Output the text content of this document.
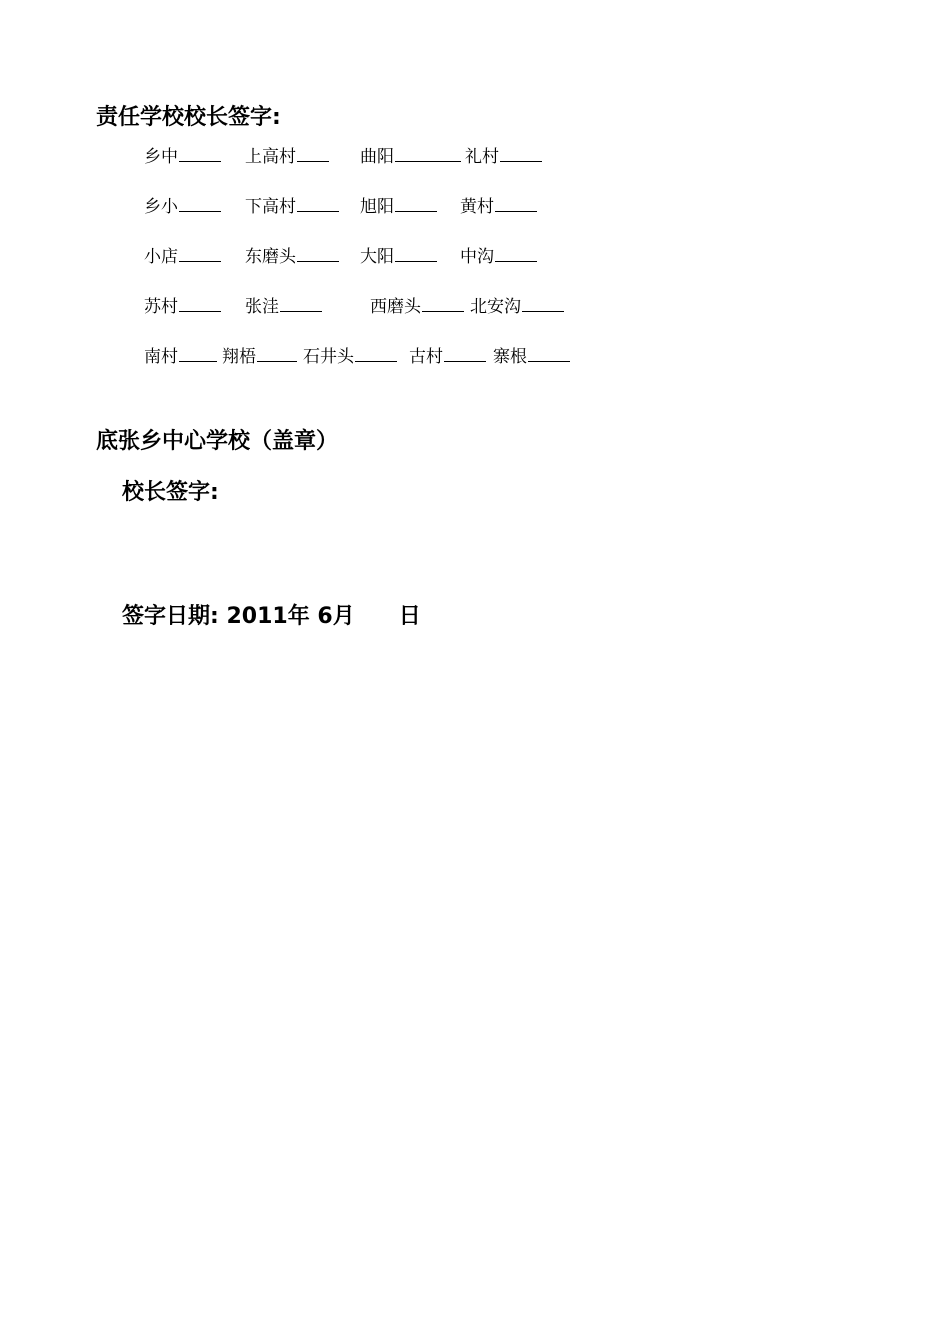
责任学校校长签字:
乡中	上高村	曲阳	礼村
乡小	下高村	旭阳	黄村
小店	东磨头	大阳	中沟
苏村	张洼	西磨头	北安沟
南村	翔梧	石井头	古村	寨根
底张乡中心学校（盖章）
校长签字:
签字日期: 2011年 6月 日
